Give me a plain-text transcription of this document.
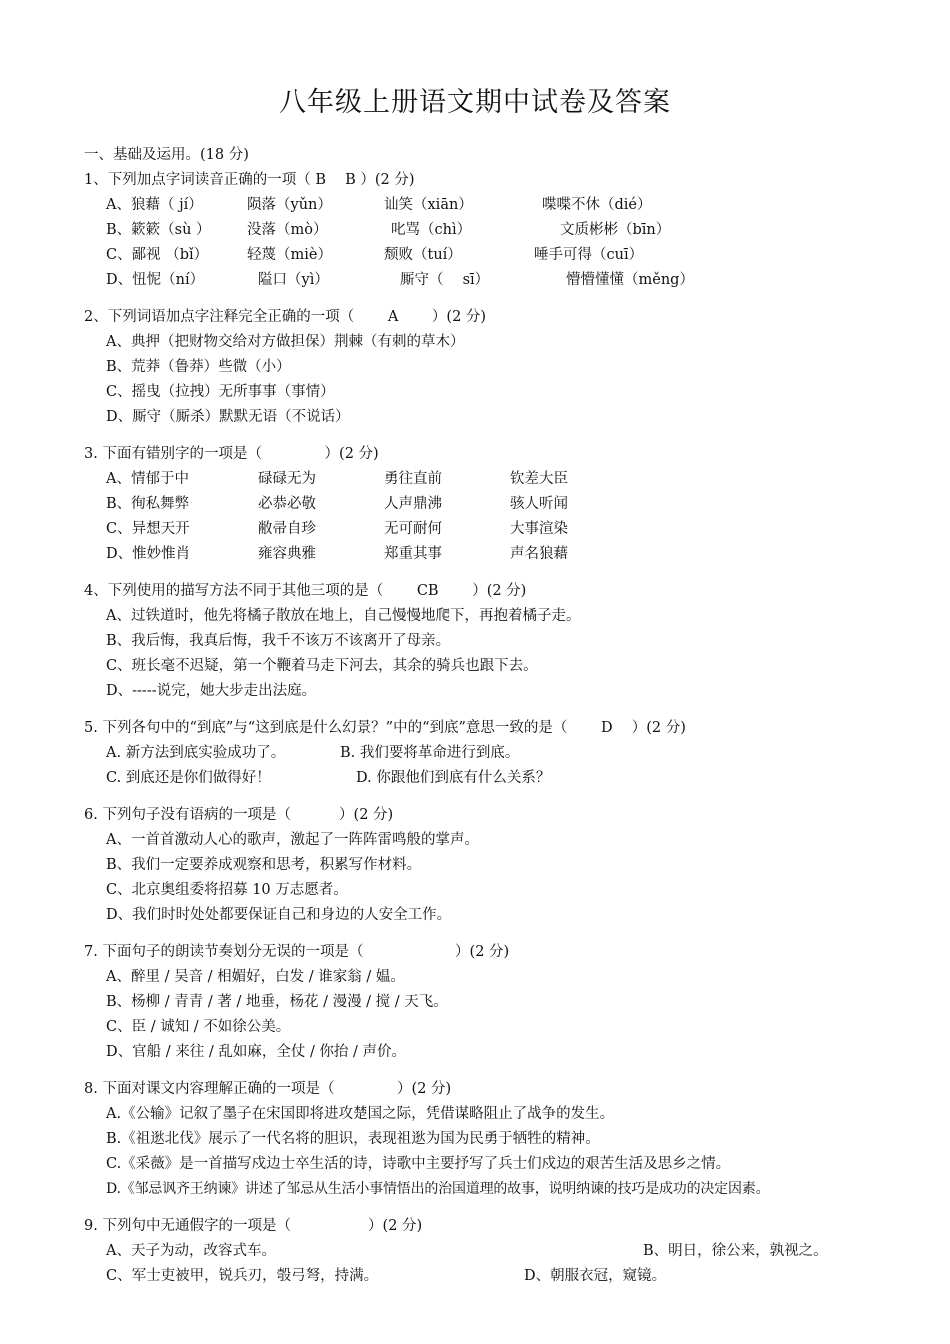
八年级上册语文期中试卷及答案
一、基础及运用。(18 分)
1、下列加点字词读音正确的一项（ B　 B ）(2 分)
A、狼藉（ jí）	陨落（yǔn）	讪笑（xiān）	喋喋不休（dié）
B、簌簌（sù ）	没落（mò）	叱骂（chì）	文质彬彬（bīn）
C、鄙视 （bǐ）	轻蔑（miè）	颓败（tuí）	唾手可得（cuī）
D、忸怩（ní）	隘口（yì）	厮守（　 sī）	懵懵懂懂（měng）
2、下列词语加点字注释完全正确的一项（　　 A　　 ）(2 分)
A、典押（把财物交给对方做担保）荆棘（有刺的草木）
B、荒莽（鲁莽）些微（小）
C、摇曳（拉拽）无所事事（事情）
D、厮守（厮杀）默默无语（不说话）
3. 下面有错别字的一项是（　　　　 ）(2 分)
A、情郁于中	碌碌无为	勇往直前	钦差大臣
B、徇私舞弊	必恭必敬	人声鼎沸	骇人听闻
C、异想天开	敝帚自珍	无可耐何	大事渲染
D、惟妙惟肖	雍容典雅	郑重其事	声名狼藉
4、下列使用的描写方法不同于其他三项的是（　　 CB　　 ）(2 分)
A、过铁道时，他先将橘子散放在地上，自己慢慢地爬下，再抱着橘子走。
B、我后悔，我真后悔，我千不该万不该离开了母亲。
C、班长毫不迟疑，第一个鞭着马走下河去，其余的骑兵也跟下去。
D、-----说完，她大步走出法庭。
5. 下列各句中的“到底”与“这到底是什么幻景？”中的“到底”意思一致的是（　　 D　 ）(2 分)
A. 新方法到底实验成功了。	B. 我们要将革命进行到底。
C. 到底还是你们做得好！	D. 你跟他们到底有什么关系？
6. 下列句子没有语病的一项是（　　　 ）(2 分)
A、一首首激动人心的歌声，激起了一阵阵雷鸣般的掌声。
B、我们一定要养成观察和思考，积累写作材料。
C、北京奥组委将招募 10 万志愿者。
D、我们时时处处都要保证自己和身边的人安全工作。
7. 下面句子的朗读节奏划分无误的一项是（　　　　　　 ）(2 分)
A、醉里 / 吴音 / 相媚好，白发 / 谁家翁 / 媪。
B、杨柳 / 青青 / 著 / 地垂，杨花 / 漫漫 / 搅 / 天飞。
C、臣 / 诚知 / 不如徐公美。
D、官船 / 来往 / 乱如麻，全仗 / 你抬 / 声价。
8. 下面对课文内容理解正确的一项是（　　　　 ）(2 分)
A.《公输》记叙了墨子在宋国即将进攻楚国之际，凭借谋略阻止了战争的发生。
B.《祖逖北伐》展示了一代名将的胆识，表现祖逖为国为民勇于牺牲的精神。
C.《采薇》是一首描写戍边士卒生活的诗，诗歌中主要抒写了兵士们戍边的艰苦生活及思乡之情。
D.《邹忌讽齐王纳谏》讲述了邹忌从生活小事情悟出的治国道理的故事，说明纳谏的技巧是成功的决定因素。
9. 下列句中无通假字的一项是（　　　　　 ）(2 分)
A、天子为动，改容式车。	B、明日，徐公来，孰视之。
C、军士吏被甲，锐兵刃，彀弓弩，持满。	D、朝服衣冠，窥镜。
